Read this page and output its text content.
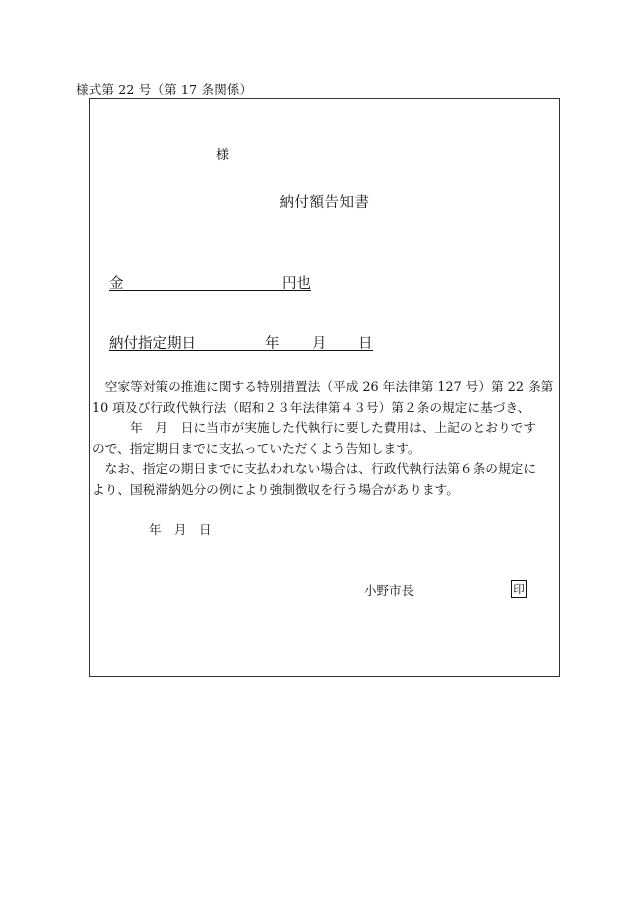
様式第 22 号（第 17 条関係）
様
納付額告知書
金	円也
納付指定期日	年 月 日

　空家等対策の推進に関する特別措置法（平成 26 年法律第 127 号）第 22 条第

10 項及び行政代執行法（昭和２３年法律第４３号）第２条の規定に基づき、

　　　年　月　日に当市が実施した代執行に要した費用は、上記のとおりです

ので、指定期日までに支払っていただくよう告知します。

　なお、指定の期日までに支払われない場合は、行政代執行法第６条の規定に

より、国税滞納処分の例により強制徴収を行う場合があります。

年　月　日
小野市長	印
